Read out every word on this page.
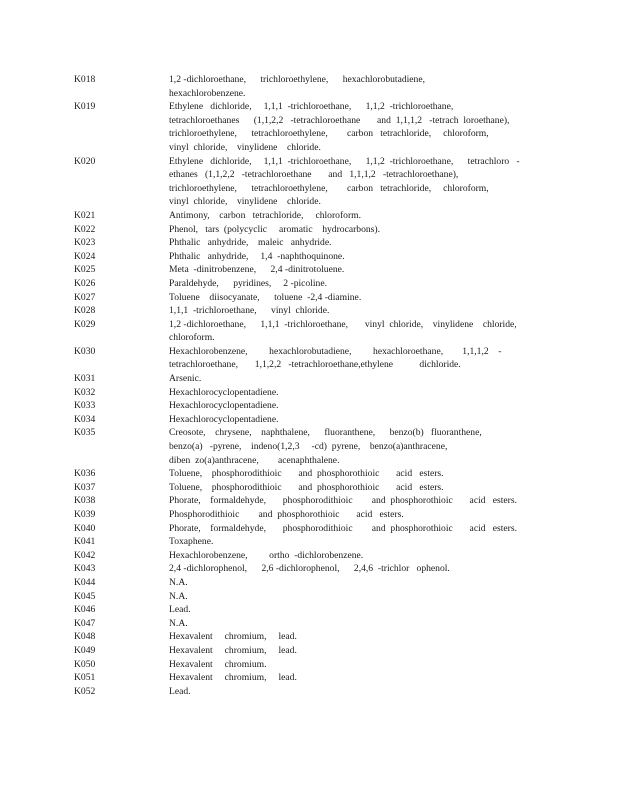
K018	1,2 -dichloroethane,      trichloroethylene,      hexachlorobutadiene,
hexachlorobenzene.
K019	Ethylene   dichloride,     1,1,1  -trichloroethane,      1,1,2  -trichloroethane,
tetrachloroethanes      (1,1,2,2   -tetrachloroethane       and  1,1,1,2   -tetrach  loroethane),
trichloroethylene,      tetrachloroethylene,        carbon   tetrachloride,     chloroform,
vinyl  chloride,    vinylidene    chloride.
K020	Ethylene   dichloride,     1,1,1  -trichloroethane,      1,1,2  -trichloroethane,      tetrachloro   -
ethanes   (1,1,2,2   -tetrachloroethane       and   1,1,1,2   -tetrachloroethane),
trichloroethylene,      tetrachloroethylene,        carbon   tetrachloride,     chloroform,
vinyl  chloride,    vinylidene    chloride.
K021	Antimony,    carbon   tetrachloride,     chloroform.
K022	Phenol,   tars  (polycyclic     aromatic    hydrocarbons).
K023	Phthalic   anhydride,    maleic   anhydride.
K024	Phthalic   anhydride,     1,4  -naphthoquinone.
K025	Meta  -dinitrobenzene,      2,4 -dinitrotoluene.
K026	Paraldehyde,      pyridines,     2 -picoline.
K027	Toluene    diisocyanate,      toluene  -2,4 -diamine.
K028	1,1,1  -trichloroethane,      vinyl  chloride.
K029	1,2 -dichloroethane,      1,1,1  -trichloroethane,       vinyl  chloride,    vinylidene    chloride,
chloroform.
K030	Hexachlorobenzene,         hexachlorobutadiene,         hexachloroethane,        1,1,1,2    -
tetrachloroethane,       1,1,2,2   -tetrachloroethane,ethylene           dichloride.
K031	Arsenic.
K032	Hexachlorocyclopentadiene.
K033	Hexachlorocyclopentadiene.
K034	Hexachlorocyclopentadiene.
K035	Creosote,    chrysene,    naphthalene,      fluoranthene,      benzo(b)   fluoranthene,
benzo(a)   -pyrene,    indeno(1,2,3     -cd)  pyrene,    benzo(a)anthracene,
diben  zo(a)anthracene,        acenaphthalene.
K036	Toluene,    phosphorodithioic       and  phosphorothioic       acid   esters.
K037	Toluene,    phosphorodithioic       and  phosphorothioic       acid   esters.
K038	Phorate,    formaldehyde,       phosphorodithioic        and  phosphorothioic       acid   esters.
K039	Phosphorodithioic        and  phosphorothioic       acid   esters.
K040	Phorate,    formaldehyde,       phosphorodithioic        and  phosphorothioic       acid   esters.
K041	Toxaphene.
K042	Hexachlorobenzene,         ortho  -dichlorobenzene.
K043	2,4 -dichlorophenol,      2,6 -dichlorophenol,      2,4,6  -trichlor   ophenol.
K044	N.A.
K045	N.A.
K046	Lead.
K047	N.A.
K048	Hexavalent     chromium,     lead.
K049	Hexavalent     chromium,     lead.
K050	Hexavalent     chromium.
K051	Hexavalent     chromium,     lead.
K052	Lead.
